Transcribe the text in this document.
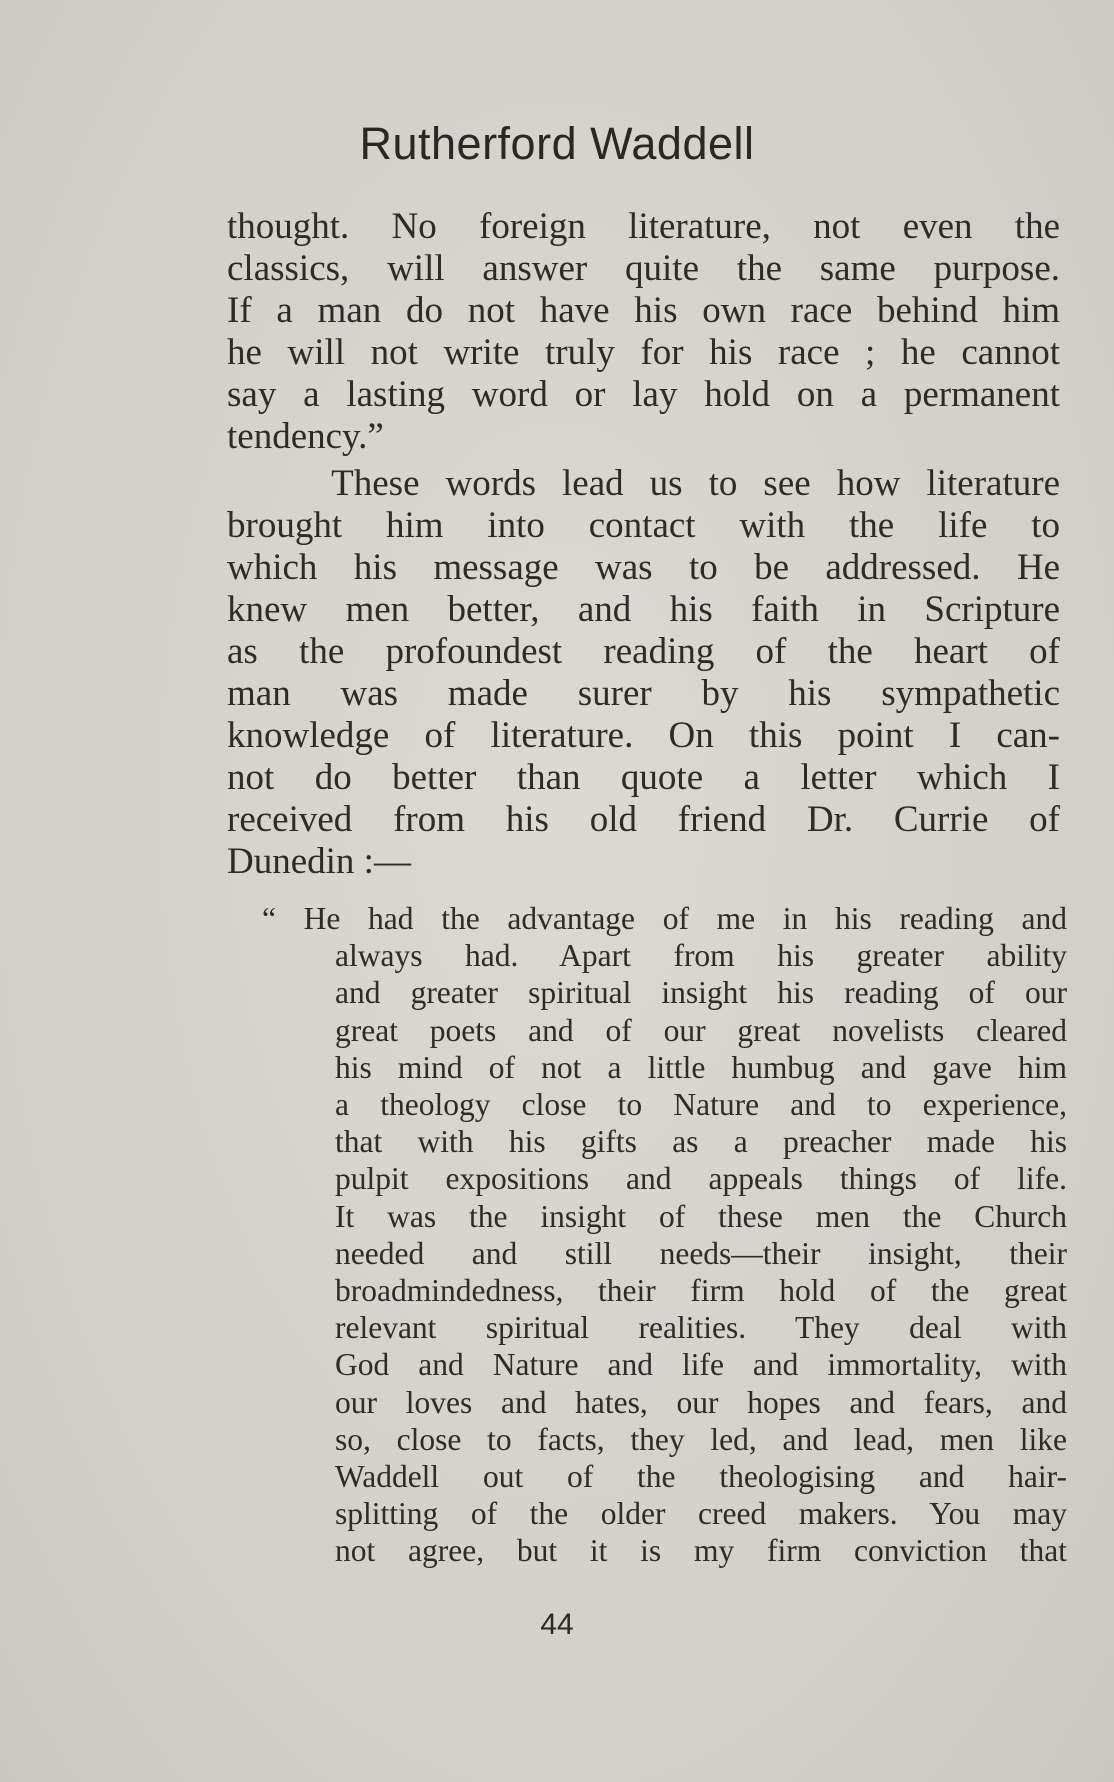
Rutherford Waddell
thought. No foreign literature, not even the
classics, will answer quite the same purpose.
If a man do not have his own race behind him
he will not write truly for his race ; he cannot
say a lasting word or lay hold on a permanent
tendency.”
These words lead us to see how literature
brought him into contact with the life to
which his message was to be addressed. He
knew men better, and his faith in Scripture
as the profoundest reading of the heart of
man was made surer by his sympathetic
knowledge of literature. On this point I can-
not do better than quote a letter which I
received from his old friend Dr. Currie of
Dunedin :—
“ He had the advantage of me in his reading and
always had. Apart from his greater ability
and greater spiritual insight his reading of our
great poets and of our great novelists cleared
his mind of not a little humbug and gave him
a theology close to Nature and to experience,
that with his gifts as a preacher made his
pulpit expositions and appeals things of life.
It was the insight of these men the Church
needed and still needs—their insight, their
broadmindedness, their firm hold of the great
relevant spiritual realities. They deal with
God and Nature and life and immortality, with
our loves and hates, our hopes and fears, and
so, close to facts, they led, and lead, men like
Waddell out of the theologising and hair-
splitting of the older creed makers. You may
not agree, but it is my firm conviction that
44
